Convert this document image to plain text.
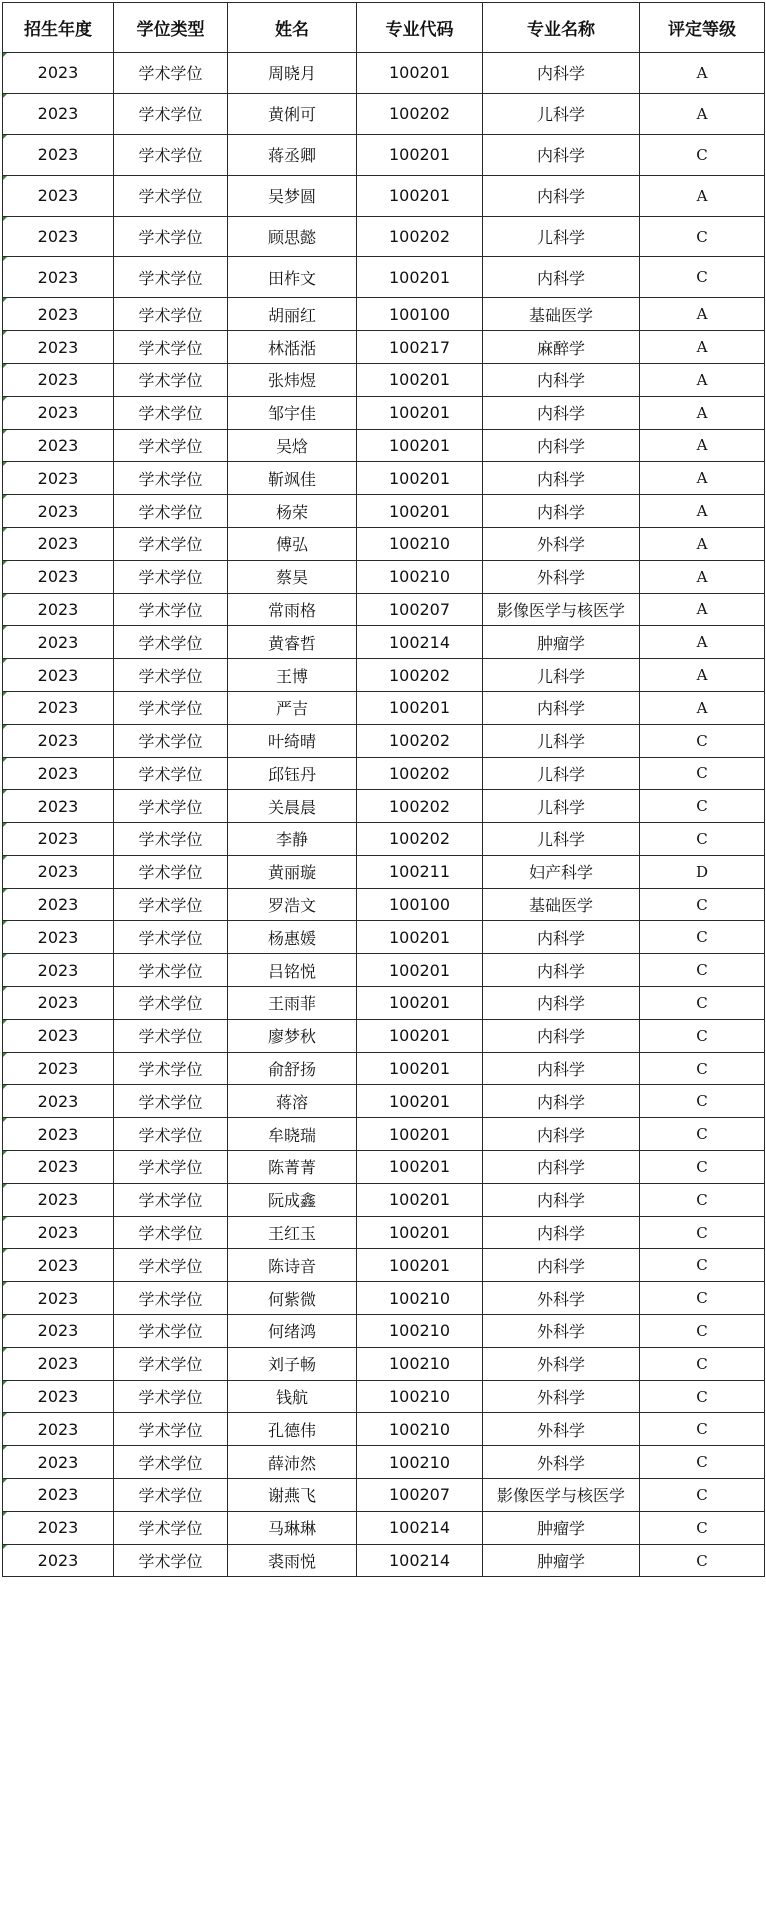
招生年度	学位类型	姓名	专业代码	专业名称	评定等级
2023	学术学位	周晓月	100201	内科学	A
2023	学术学位	黄俐可	100202	儿科学	A
2023	学术学位	蒋丞卿	100201	内科学	C
2023	学术学位	吴梦圆	100201	内科学	A
2023	学术学位	顾思懿	100202	儿科学	C
2023	学术学位	田柞文	100201	内科学	C
2023	学术学位	胡丽红	100100	基础医学	A
2023	学术学位	林湉湉	100217	麻醉学	A
2023	学术学位	张炜煜	100201	内科学	A
2023	学术学位	邹宇佳	100201	内科学	A
2023	学术学位	吴焓	100201	内科学	A
2023	学术学位	靳飒佳	100201	内科学	A
2023	学术学位	杨荣	100201	内科学	A
2023	学术学位	傅弘	100210	外科学	A
2023	学术学位	蔡昊	100210	外科学	A
2023	学术学位	常雨格	100207	影像医学与核医学	A
2023	学术学位	黄睿哲	100214	肿瘤学	A
2023	学术学位	王博	100202	儿科学	A
2023	学术学位	严吉	100201	内科学	A
2023	学术学位	叶绮晴	100202	儿科学	C
2023	学术学位	邱钰丹	100202	儿科学	C
2023	学术学位	关晨晨	100202	儿科学	C
2023	学术学位	李静	100202	儿科学	C
2023	学术学位	黄丽璇	100211	妇产科学	D
2023	学术学位	罗浩文	100100	基础医学	C
2023	学术学位	杨惠媛	100201	内科学	C
2023	学术学位	吕铭悦	100201	内科学	C
2023	学术学位	王雨菲	100201	内科学	C
2023	学术学位	廖梦秋	100201	内科学	C
2023	学术学位	俞舒扬	100201	内科学	C
2023	学术学位	蒋溶	100201	内科学	C
2023	学术学位	牟晓瑞	100201	内科学	C
2023	学术学位	陈菁菁	100201	内科学	C
2023	学术学位	阮成鑫	100201	内科学	C
2023	学术学位	王红玉	100201	内科学	C
2023	学术学位	陈诗音	100201	内科学	C
2023	学术学位	何紫微	100210	外科学	C
2023	学术学位	何绪鸿	100210	外科学	C
2023	学术学位	刘子畅	100210	外科学	C
2023	学术学位	钱航	100210	外科学	C
2023	学术学位	孔德伟	100210	外科学	C
2023	学术学位	薛沛然	100210	外科学	C
2023	学术学位	谢燕飞	100207	影像医学与核医学	C
2023	学术学位	马琳琳	100214	肿瘤学	C
2023	学术学位	裘雨悦	100214	肿瘤学	C
